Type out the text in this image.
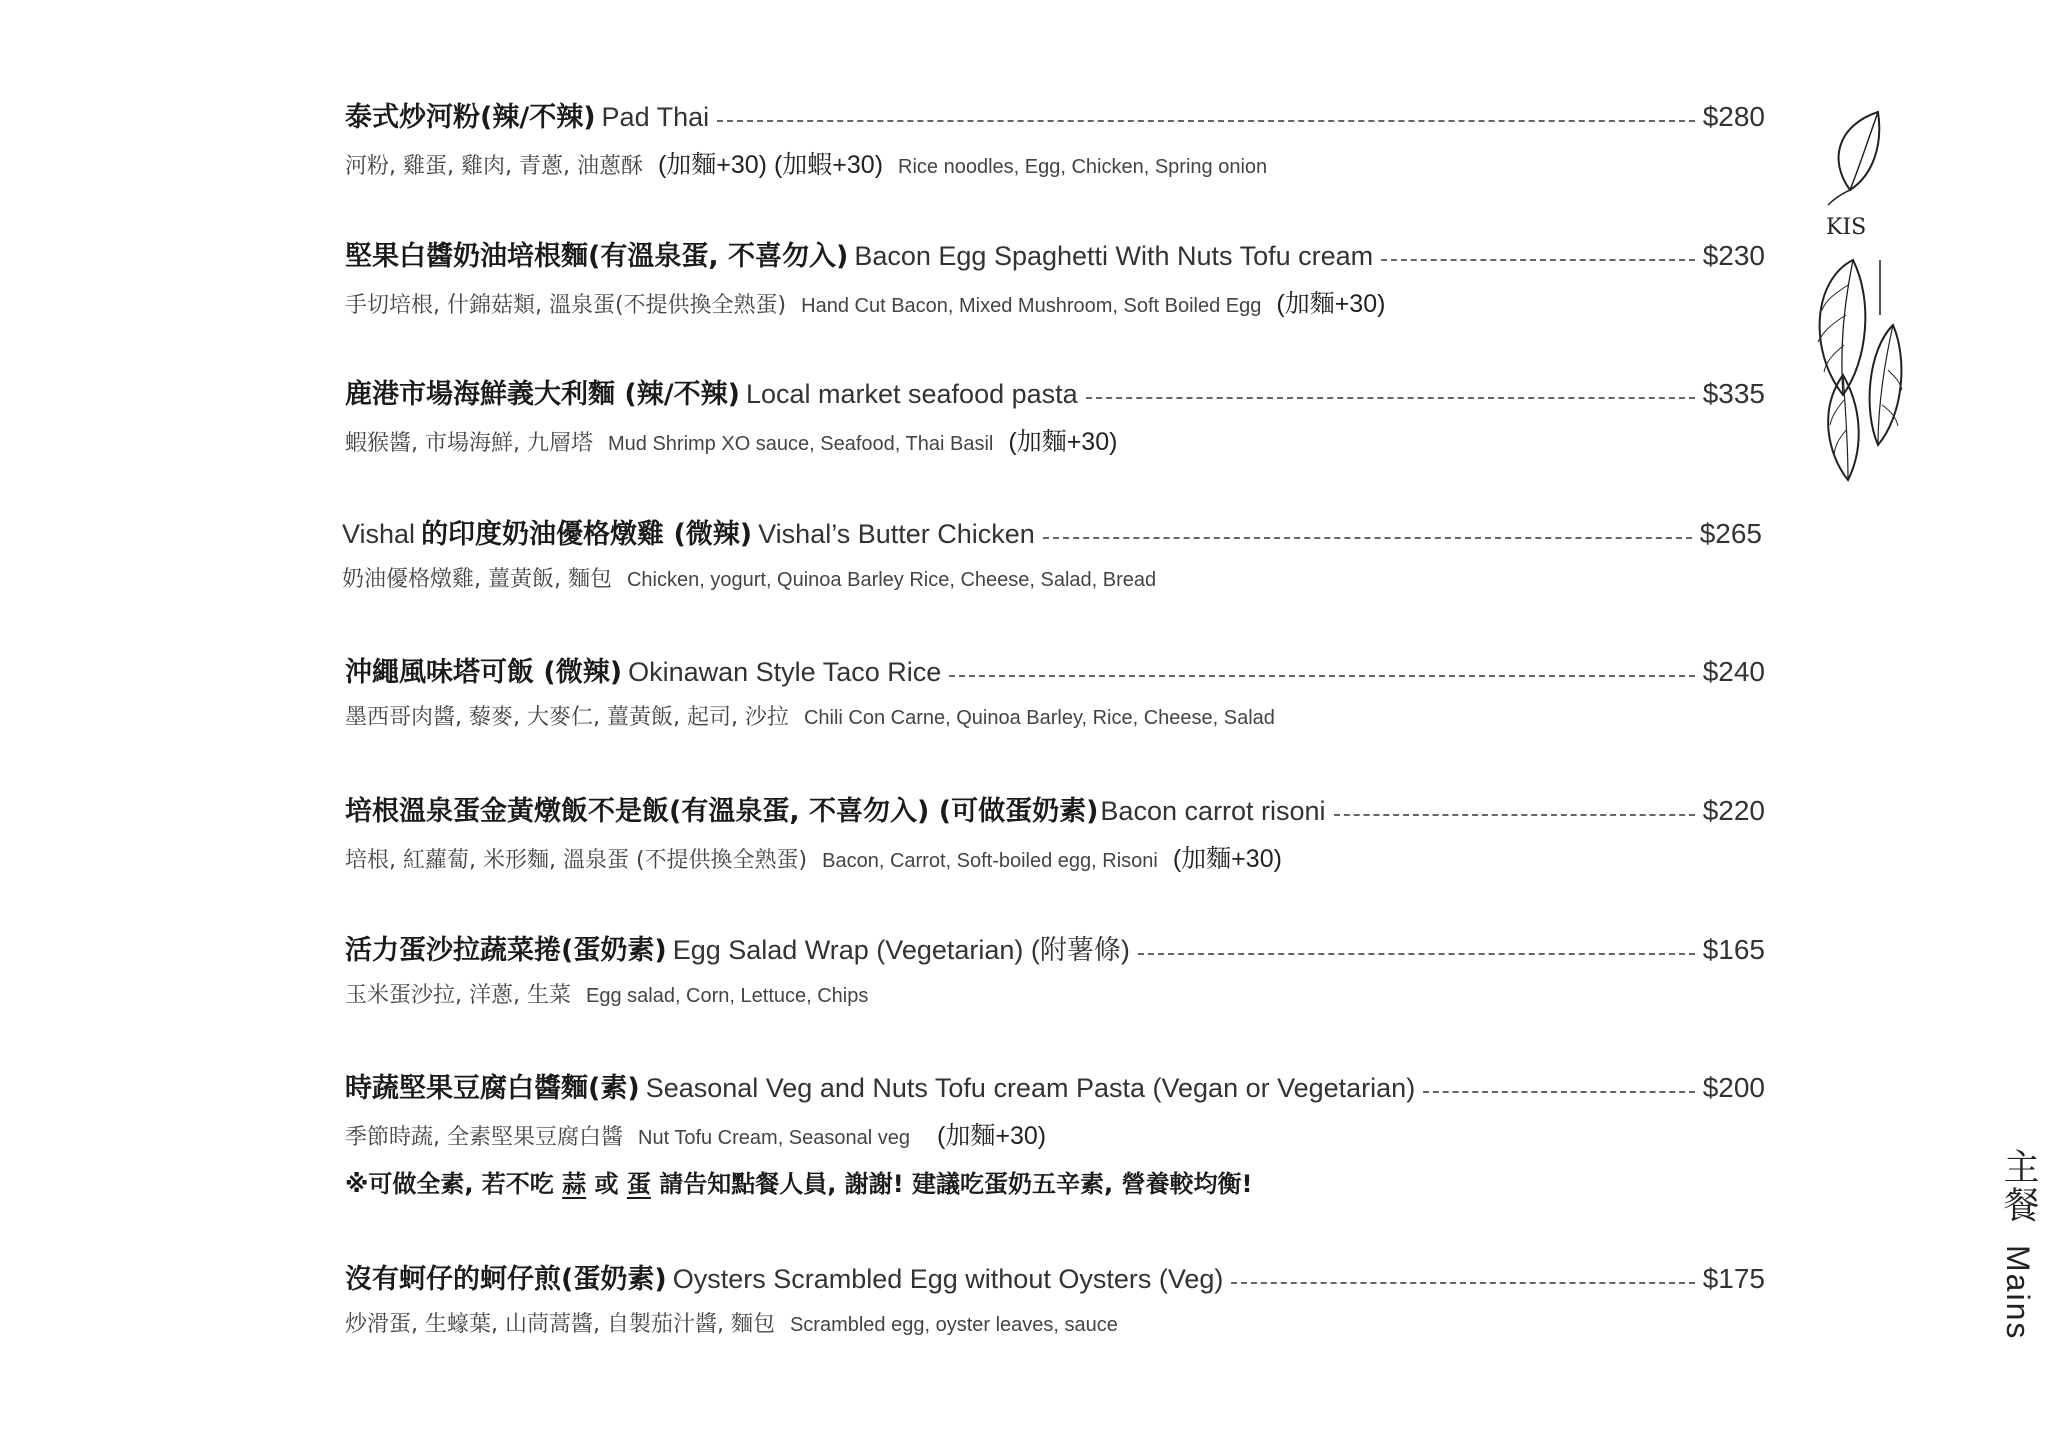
泰式炒河粉(辣/不辣) Pad Thai	$280
河粉, 雞蛋, 雞肉, 青蔥, 油蔥酥 (加麵+30) (加蝦+30) Rice noodles, Egg, Chicken, Spring onion
堅果白醬奶油培根麵(有溫泉蛋, 不喜勿入) Bacon Egg Spaghetti With Nuts Tofu cream	$230
手切培根, 什錦菇類, 溫泉蛋(不提供換全熟蛋) Hand Cut Bacon, Mixed Mushroom, Soft Boiled Egg (加麵+30)
鹿港市場海鮮義大利麵 (辣/不辣) Local market seafood pasta	$335
蝦猴醬, 市場海鮮, 九層塔 Mud Shrimp XO sauce, Seafood, Thai Basil (加麵+30)
Vishal 的印度奶油優格燉雞 (微辣) Vishal’s Butter Chicken	$265
奶油優格燉雞, 薑黃飯, 麵包 Chicken, yogurt, Quinoa Barley Rice, Cheese, Salad, Bread
沖繩風味塔可飯 (微辣) Okinawan Style Taco Rice	$240
墨西哥肉醬, 藜麥, 大麥仁, 薑黃飯, 起司, 沙拉 Chili Con Carne, Quinoa Barley, Rice, Cheese, Salad
培根溫泉蛋金黃燉飯不是飯(有溫泉蛋, 不喜勿入) (可做蛋奶素) Bacon carrot risoni	$220
培根, 紅蘿蔔, 米形麵, 溫泉蛋 (不提供換全熟蛋) Bacon, Carrot, Soft-boiled egg, Risoni (加麵+30)
活力蛋沙拉蔬菜捲(蛋奶素) Egg Salad Wrap (Vegetarian) (附薯條)	$165
玉米蛋沙拉, 洋蔥, 生菜 Egg salad, Corn, Lettuce, Chips
時蔬堅果豆腐白醬麵(素) Seasonal Veg and Nuts Tofu cream Pasta (Vegan or Vegetarian)	$200
季節時蔬, 全素堅果豆腐白醬 Nut Tofu Cream, Seasonal veg (加麵+30)
※可做全素, 若不吃 蒜 或 蛋 請告知點餐人員, 謝謝! 建議吃蛋奶五辛素, 營養較均衡!
沒有蚵仔的蚵仔煎(蛋奶素) Oysters Scrambled Egg without Oysters (Veg)	$175
炒滑蛋, 生蠔葉, 山茼蒿醬, 自製茄汁醬, 麵包 Scrambled egg, oyster leaves, sauce
KIS
主餐 Mains
